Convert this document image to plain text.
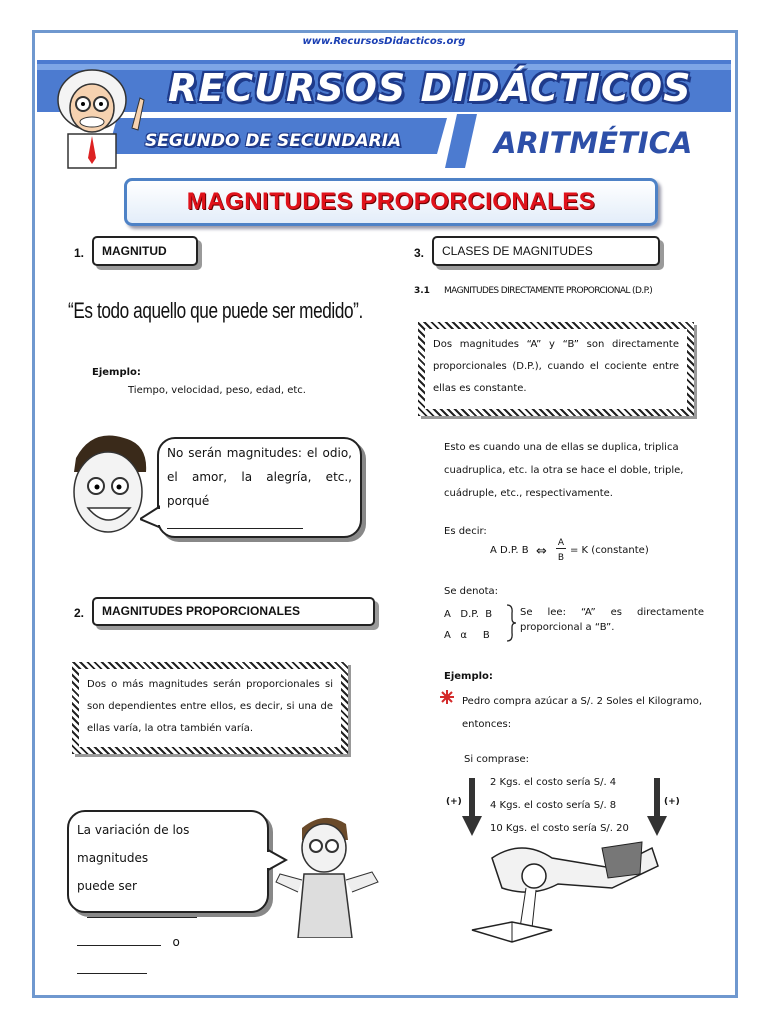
www.RecursosDidacticos.org
RECURSOS DIDÁCTICOS
SEGUNDO DE SECUNDARIA	ARITMÉTICA
MAGNITUDES PROPORCIONALES
1.	MAGNITUD
“Es todo aquello que puede ser medido”.
Ejemplo:
Tiempo, velocidad, peso, edad, etc.
No serán magnitudes: el odio, el amor, la alegría, etc., porqué
2.	MAGNITUDES PROPORCIONALES
Dos o más magnitudes serán proporcionales si son dependientes entre ellos, es decir, si una de ellas varía, la otra también varía.
La variación de los magnitudes
puede ser
o
3.	CLASES DE MAGNITUDES
3.1 MAGNITUDES DIRECTAMENTE PROPORCIONAL (D.P.)
Dos magnitudes “A” y “B” son directamente proporcionales (D.P.), cuando el cociente entre ellas es constante.
Esto es cuando una de ellas se duplica, triplica cuadruplica, etc. la otra se hace el doble, triple, cuádruple, etc., respectivamente.
Es decir:
A D.P. B ⇔
A
B
= K (constante)
Se denota:
A   D.P.  B
A   α     B
Se lee: “A” es directamente proporcional a “B”.
Ejemplo:
Pedro compra azúcar a S/. 2 Soles el Kilogramo, entonces:
Si comprase:
2 Kgs. el costo sería S/. 4
4 Kgs. el costo sería S/. 8
10 Kgs. el costo sería S/. 20
(+)	(+)
